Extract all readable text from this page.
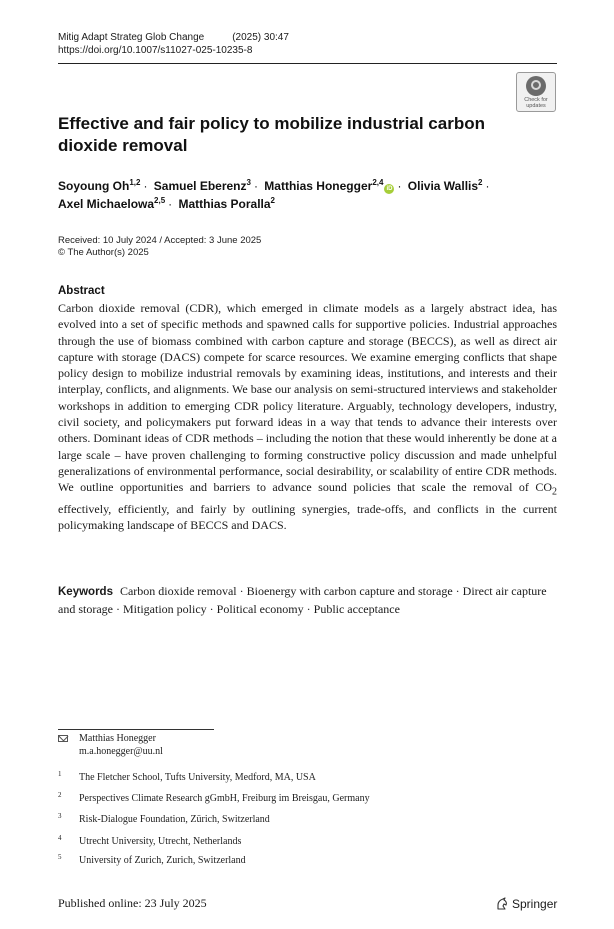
Mitig Adapt Strateg Glob Change	(2025) 30:47
https://doi.org/10.1007/s11027-025-10235-8
Check for
updates
Effective and fair policy to mobilize industrial carbon dioxide removal
Soyoung Oh$^{1,2}$ · Samuel Eberenz$^3$ · Matthias Honegger$^{2,4}$iD · Olivia Wallis$^2$ ·
Axel Michaelowa$^{2,5}$ · Matthias Poralla$^2$
Received: 10 July 2024 / Accepted: 3 June 2025
© The Author(s) 2025
Abstract
Carbon dioxide removal (CDR), which emerged in climate models as a largely abstract idea, has evolved into a set of specific methods and spawned calls for supportive policies. Industrial approaches through the use of biomass combined with carbon capture and storage (BECCS), as well as direct air capture with storage (DACS) compete for scarce resources. We examine emerging conflicts that shape policy design to mobilize industrial removals by examining ideas, institutions, and interests and their interplay, conflicts, and alignments. We base our analysis on semi-structured interviews and stakeholder workshops in addition to emerging CDR policy literature. Arguably, technology developers, industry, civil society, and policymakers put forward ideas in a way that tends to advance their interests over others. Dominant ideas of CDR methods – including the notion that these would inherently be done at a large scale – have proven challenging to forming constructive policy discussion and made unhelpful generalizations of environmental performance, social desirability, or scalability of entire CDR methods. We outline opportunities and barriers to advance sound policies that scale the removal of $CO_2$ effectively, efficiently, and fairly by outlining synergies, trade-offs, and conflicts in the current policymaking landscape of BECCS and DACS.
Keywords Carbon dioxide removal · Bioenergy with carbon capture and storage · Direct air capture and storage · Mitigation policy · Political economy · Public acceptance
Matthias Honegger
m.a.honegger@uu.nl
1 The Fletcher School, Tufts University, Medford, MA, USA
2 Perspectives Climate Research gGmbH, Freiburg im Breisgau, Germany
3 Risk-Dialogue Foundation, Zürich, Switzerland
4 Utrecht University, Utrecht, Netherlands
5 University of Zurich, Zurich, Switzerland
Published online: 23 July 2025	Springer
